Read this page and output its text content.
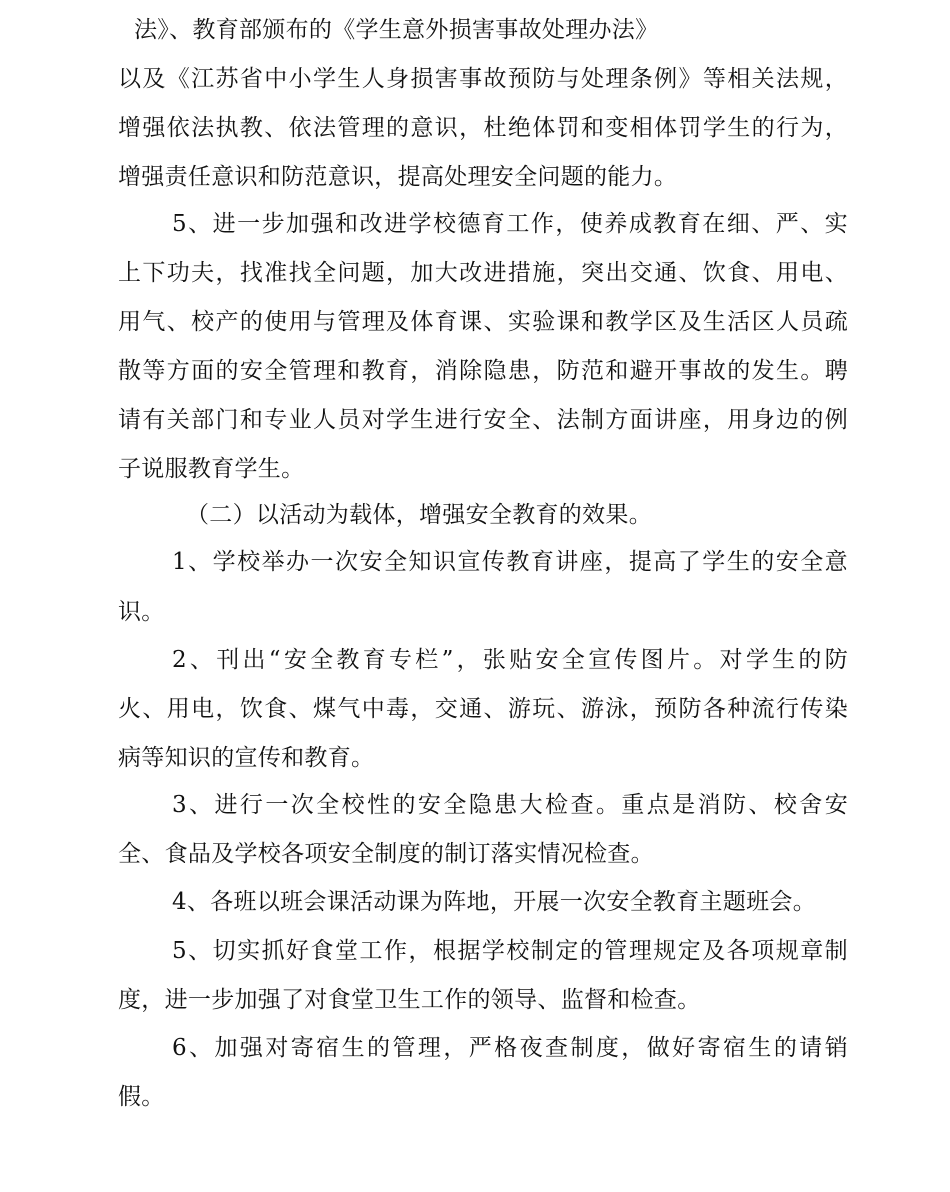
法》、教育部颁布的《学生意外损害事故处理办法》
以及《江苏省中小学生人身损害事故预防与处理条例》等相关法规，
增强依法执教、依法管理的意识，杜绝体罚和变相体罚学生的行为，
增强责任意识和防范意识，提高处理安全问题的能力。
5、进一步加强和改进学校德育工作，使养成教育在细、严、实
上下功夫，找准找全问题，加大改进措施，突出交通、饮食、用电、
用气、校产的使用与管理及体育课、实验课和教学区及生活区人员疏
散等方面的安全管理和教育，消除隐患，防范和避开事故的发生。聘
请有关部门和专业人员对学生进行安全、法制方面讲座，用身边的例
子说服教育学生。
（二）以活动为载体，增强安全教育的效果。
1、学校举办一次安全知识宣传教育讲座，提高了学生的安全意
识。
2、刊出“安全教育专栏”，张贴安全宣传图片。对学生的防
火、用电，饮食、煤气中毒，交通、游玩、游泳，预防各种流行传染
病等知识的宣传和教育。
3、进行一次全校性的安全隐患大检查。重点是消防、校舍安
全、食品及学校各项安全制度的制订落实情况检查。
4、各班以班会课活动课为阵地，开展一次安全教育主题班会。
5、切实抓好食堂工作，根据学校制定的管理规定及各项规章制
度，进一步加强了对食堂卫生工作的领导、监督和检查。
6、加强对寄宿生的管理，严格夜查制度，做好寄宿生的请销
假。
